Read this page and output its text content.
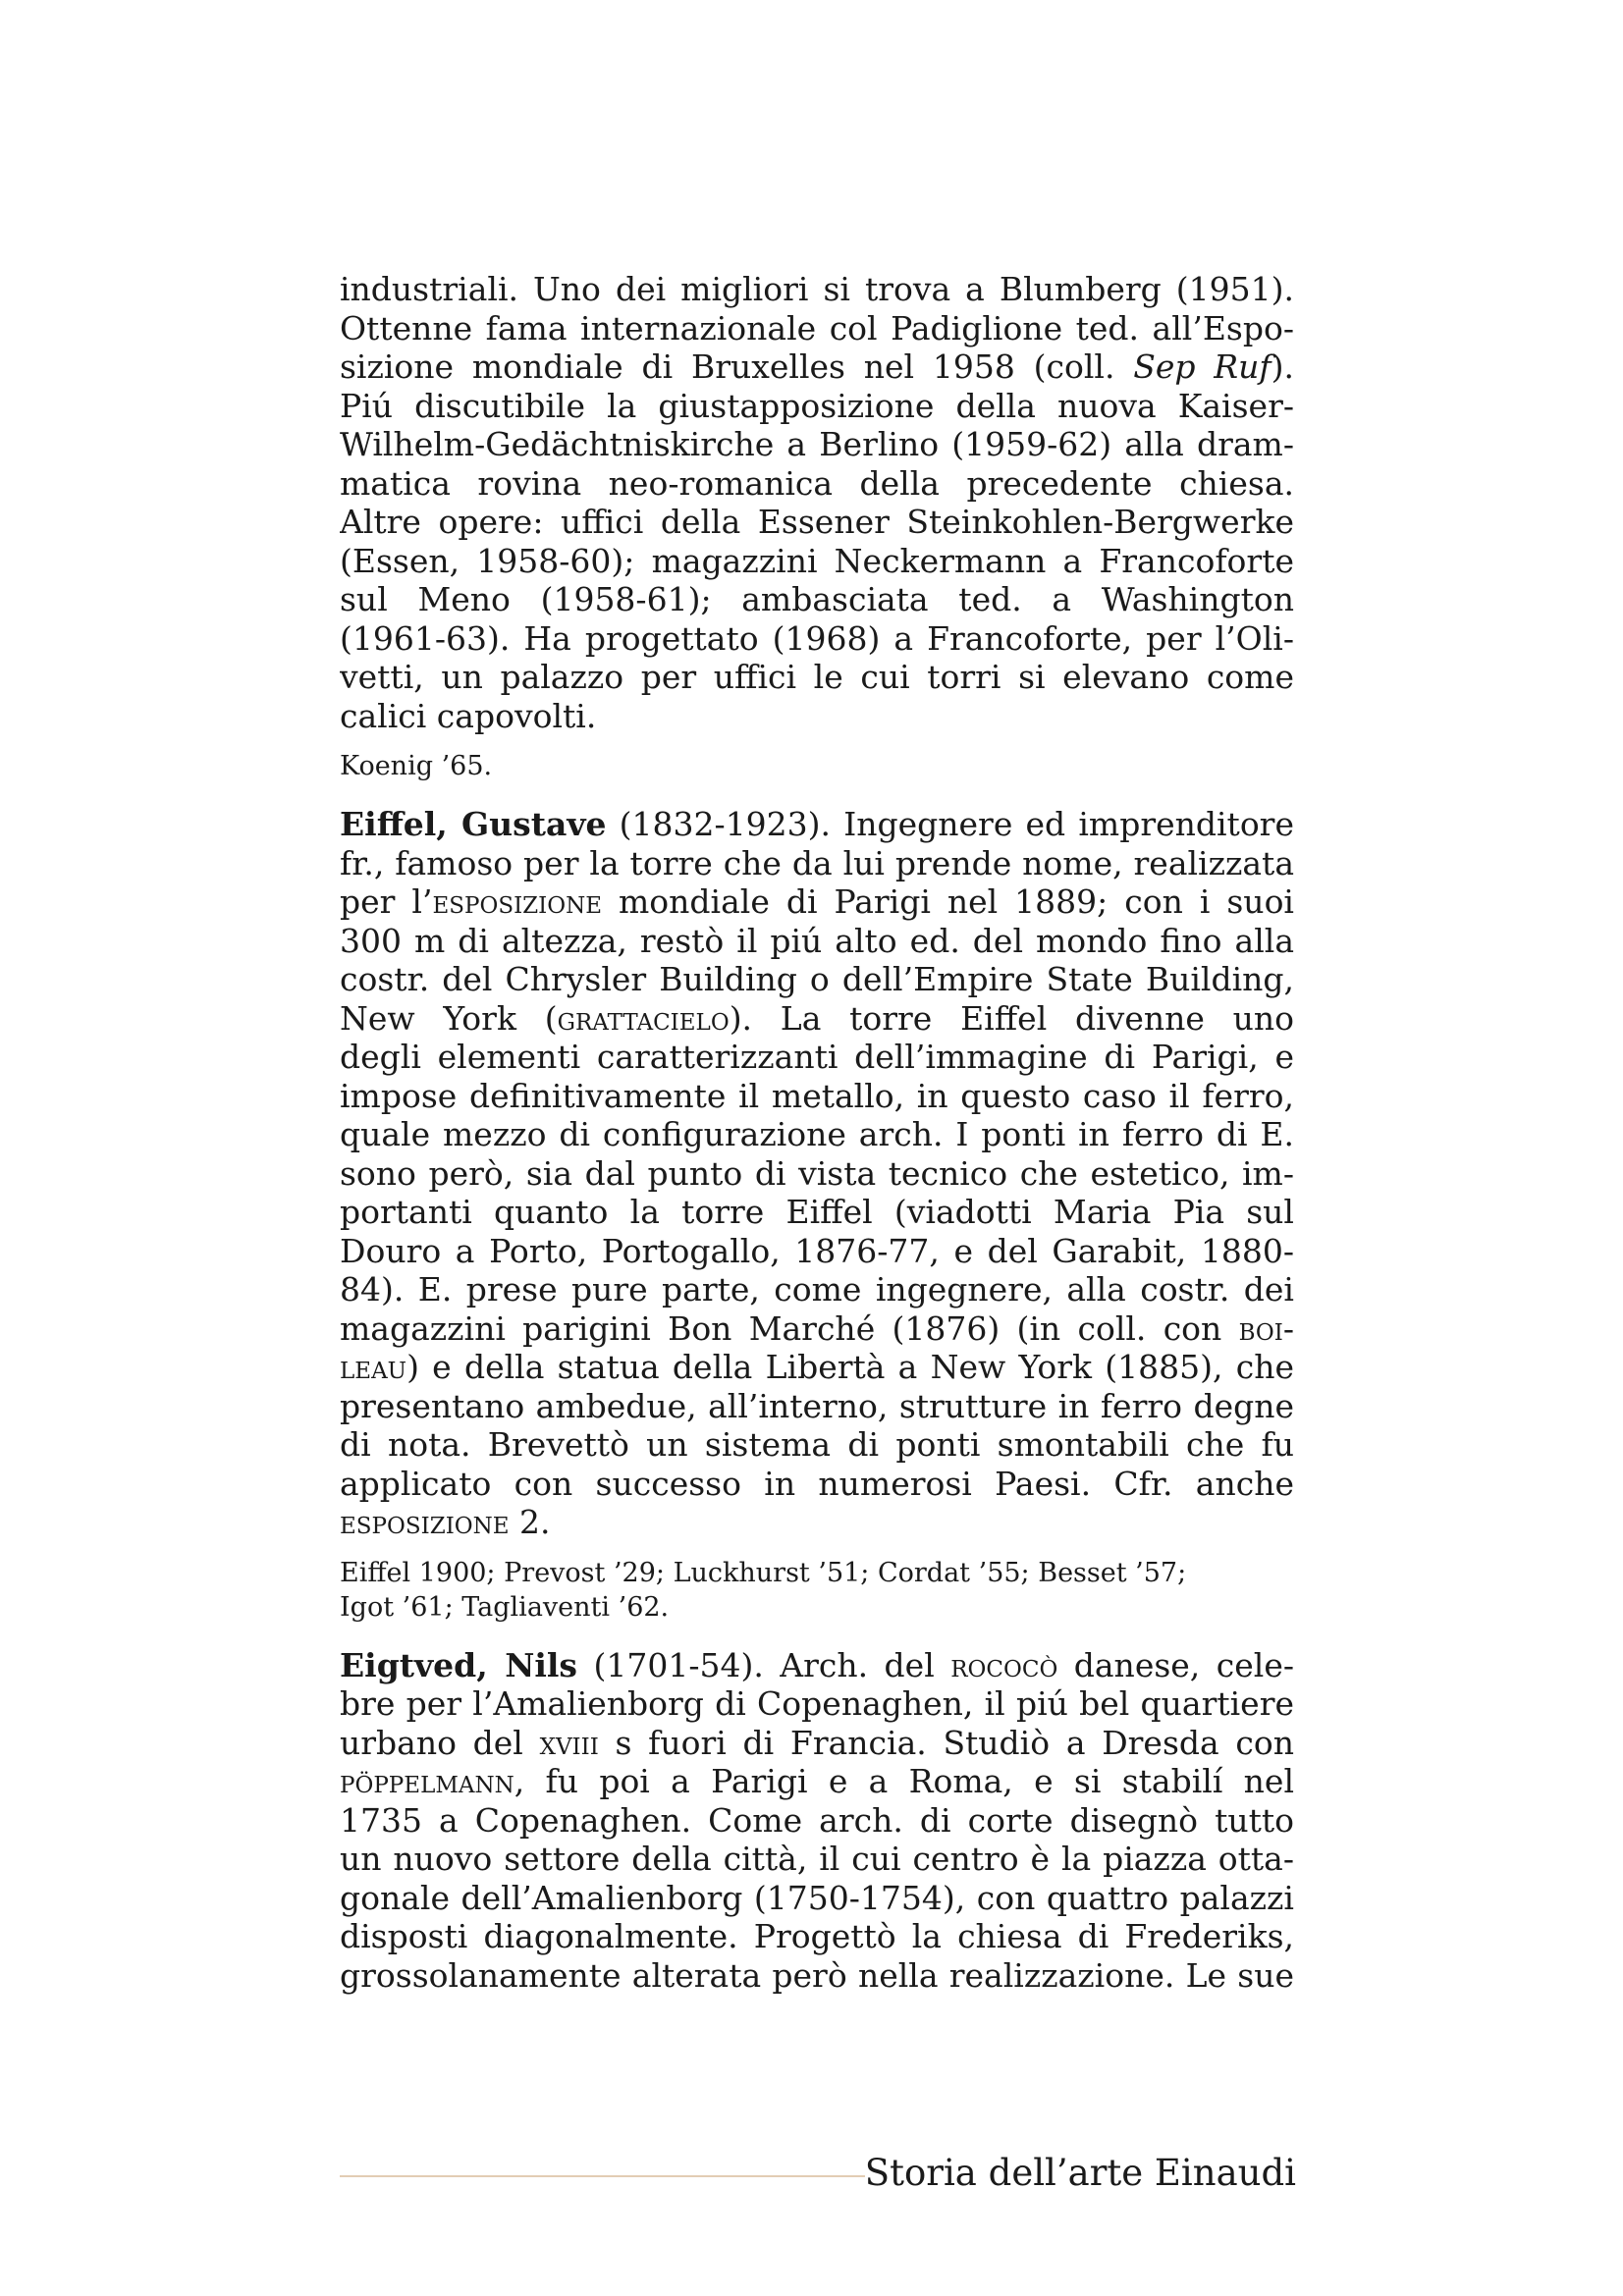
industriali. Uno dei migliori si trova a Blumberg (1951).
Ottenne fama internazionale col Padiglione ted. all’Espo-
sizione mondiale di Bruxelles nel 1958 (coll. Sep Ruf).
Piú discutibile la giustapposizione della nuova Kaiser-
Wilhelm-Gedächtniskirche a Berlino (1959-62) alla dram-
matica rovina neo-romanica della precedente chiesa.
Altre opere: uffici della Essener Steinkohlen-Bergwerke
(Essen, 1958-60); magazzini Neckermann a Francoforte
sul Meno (1958-61); ambasciata ted. a Washington
(1961-63). Ha progettato (1968) a Francoforte, per l’Oli-
vetti, un palazzo per uffici le cui torri si elevano come
calici capovolti.
Koenig ’65.
Eiffel, Gustave (1832-1923). Ingegnere ed imprenditore
fr., famoso per la torre che da lui prende nome, realizzata
per l’esposizione mondiale di Parigi nel 1889; con i suoi
300 m di altezza, restò il piú alto ed. del mondo fino alla
costr. del Chrysler Building o dell’Empire State Building,
New York (grattacielo). La torre Eiffel divenne uno
degli elementi caratterizzanti dell’immagine di Parigi, e
impose definitivamente il metallo, in questo caso il ferro,
quale mezzo di configurazione arch. I ponti in ferro di E.
sono però, sia dal punto di vista tecnico che estetico, im-
portanti quanto la torre Eiffel (viadotti Maria Pia sul
Douro a Porto, Portogallo, 1876-77, e del Garabit, 1880-
84). E. prese pure parte, come ingegnere, alla costr. dei
magazzini parigini Bon Marché (1876) (in coll. con boi-
leau) e della statua della Libertà a New York (1885), che
presentano ambedue, all’interno, strutture in ferro degne
di nota. Brevettò un sistema di ponti smontabili che fu
applicato con successo in numerosi Paesi. Cfr. anche
esposizione 2.
Eiffel 1900; Prevost ’29; Luckhurst ’51; Cordat ’55; Besset ’57;
Igot ’61; Tagliaventi ’62.
Eigtved, Nils (1701-54). Arch. del rococò danese, cele-
bre per l’Amalienborg di Copenaghen, il piú bel quartiere
urbano del xviii s fuori di Francia. Studiò a Dresda con
pöppelmann, fu poi a Parigi e a Roma, e si stabilí nel
1735 a Copenaghen. Come arch. di corte disegnò tutto
un nuovo settore della città, il cui centro è la piazza otta-
gonale dell’Amalienborg (1750-1754), con quattro palazzi
disposti diagonalmente. Progettò la chiesa di Frederiks,
grossolanamente alterata però nella realizzazione. Le sue
Storia dell’arte Einaudi
